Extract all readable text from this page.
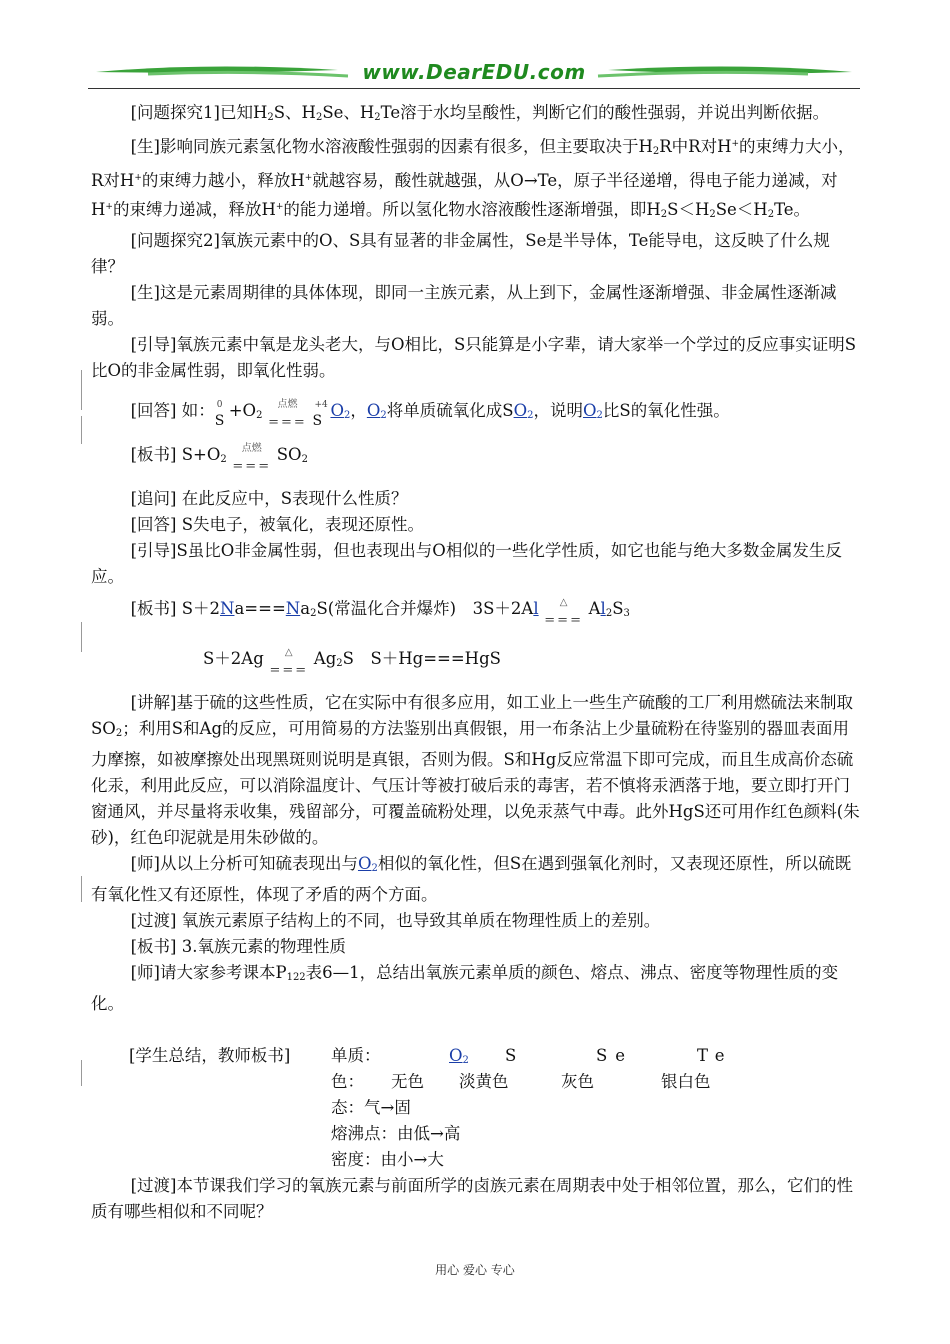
www.DearEDU.com

[问题探究1]已知$H_2S$、$H_2Se$、$H_2Te$溶于水均呈酸性，判断它们的酸性强弱，并说出判断依据。

[生]影响同族元素氢化物水溶液酸性强弱的因素有很多，但主要取决于$H_2R$中R对H+的束缚力大小，R对H+的束缚力越小，释放H+就越容易，酸性就越强，从O→Te，原子半径递增，得电子能力递减，对H+的束缚力递减，释放H+的能力递增。所以氢化物水溶液酸性逐渐增强，即$H_2S<H_2Se<H_2Te$。

[问题探究2]氧族元素中的O、S具有显著的非金属性，Se是半导体，Te能导电，这反映了什么规律？

[生]这是元素周期律的具体体现，即同一主族元素，从上到下，金属性逐渐增强、非金属性逐渐减弱。

[引导]氧族元素中氧是龙头老大，与O相比，S只能算是小字辈，请大家举一个学过的反应事实证明S比O的非金属性弱，即氧化性弱。

[回答] 如： 0
S
$+O_2$
点燃
===
+4
S
$O_2$，$O_2$将单质硫氧化成$SO_2$，说明$O_2$比S的氧化性强。

[板书] $S+O_2$
点燃
===
$SO_2$

[追问] 在此反应中，S表现什么性质？

[回答] S失电子，被氧化，表现还原性。

[引导]S虽比O非金属性弱，但也表现出与O相似的一些化学性质，如它也能与绝大多数金属发生反应。

[板书] $S+2Na===Na_2S$(常温化合并爆炸)　3S＋2Al	△
===
$Al_2S_3$

S＋2Ag	△
===
$Ag_2S$　S＋Hg===HgS

[讲解]基于硫的这些性质，它在实际中有很多应用，如工业上一些生产硫酸的工厂利用燃硫法来制取$SO_2$；利用S和Ag的反应，可用简易的方法鉴别出真假银，用一布条沾上少量硫粉在待鉴别的器皿表面用力摩擦，如被摩擦处出现黑斑则说明是真银，否则为假。S和Hg反应常温下即可完成，而且生成高价态硫化汞，利用此反应，可以消除温度计、气压计等被打破后汞的毒害，若不慎将汞洒落于地，要立即打开门窗通风，并尽量将汞收集，残留部分，可覆盖硫粉处理，以免汞蒸气中毒。此外HgS还可用作红色颜料(朱砂)，红色印泥就是用朱砂做的。

[师]从以上分析可知硫表现出与$O_2$相似的氧化性，但S在遇到强氧化剂时，又表现还原性，所以硫既有氧化性又有还原性，体现了矛盾的两个方面。

[过渡] 氧族元素原子结构上的不同，也导致其单质在物理性质上的差别。

[板书] 3.氧族元素的物理性质

[师]请大家参考课本$P_{122}$表6—1，总结出氧族元素单质的颜色、熔点、沸点、密度等物理性质的变化。

[学生总结，教师板书] 单质：	$O_2$ S	Se	Te
色： 无色 淡黄色	灰色	银白色
态：气→固
熔沸点：由低→高
密度：由小→大

[过渡]本节课我们学习的氧族元素与前面所学的卤族元素在周期表中处于相邻位置，那么，它们的性质有哪些相似和不同呢？

用心 爱心 专心
